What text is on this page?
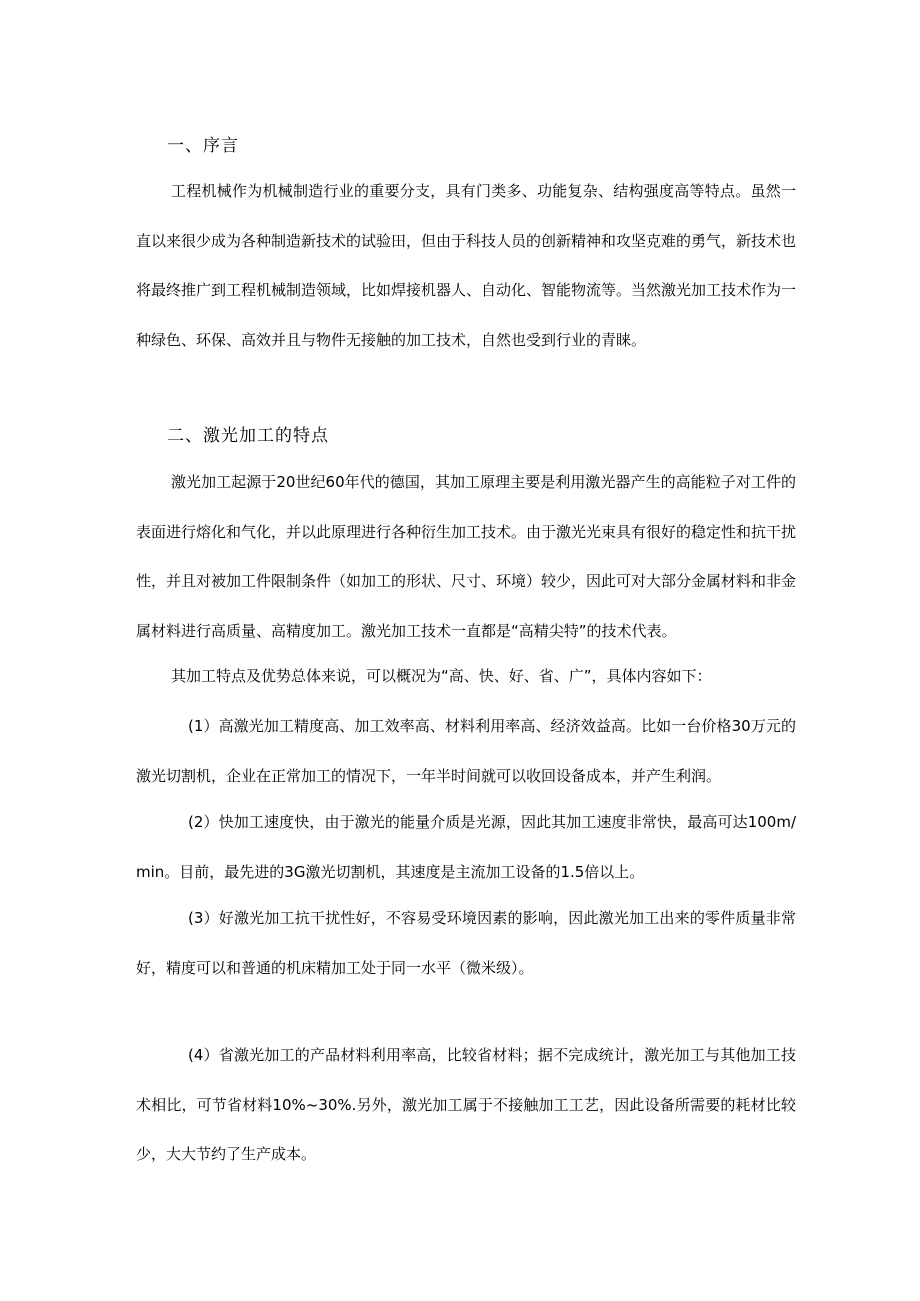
一、序言

工程机械作为机械制造行业的重要分支，具有门类多、功能复杂、结构强度高等特点。虽然一直以来很少成为各种制造新技术的试验田，但由于科技人员的创新精神和攻坚克难的勇气，新技术也将最终推广到工程机械制造领域，比如焊接机器人、自动化、智能物流等。当然激光加工技术作为一种绿色、环保、高效并且与物件无接触的加工技术，自然也受到行业的青睐。

二、激光加工的特点

激光加工起源于20世纪60年代的德国，其加工原理主要是利用激光器产生的高能粒子对工件的表面进行熔化和气化，并以此原理进行各种衍生加工技术。由于激光光束具有很好的稳定性和抗干扰性，并且对被加工件限制条件（如加工的形状、尺寸、环境）较少，因此可对大部分金属材料和非金属材料进行高质量、高精度加工。激光加工技术一直都是“高精尖特”的技术代表。

其加工特点及优势总体来说，可以概况为“高、快、好、省、广”，具体内容如下：

(1）高激光加工精度高、加工效率高、材料利用率高、经济效益高。比如一台价格30万元的激光切割机，企业在正常加工的情况下，一年半时间就可以收回设备成本，并产生利润。

(2）快加工速度快，由于激光的能量介质是光源，因此其加工速度非常快，最高可达100m/min。目前，最先进的3G激光切割机，其速度是主流加工设备的1.5倍以上。

(3）好激光加工抗干扰性好，不容易受环境因素的影响，因此激光加工出来的零件质量非常好，精度可以和普通的机床精加工处于同一水平（微米级）。

(4）省激光加工的产品材料利用率高，比较省材料；据不完成统计，激光加工与其他加工技术相比，可节省材料10%~30%.另外，激光加工属于不接触加工工艺，因此设备所需要的耗材比较少，大大节约了生产成本。
